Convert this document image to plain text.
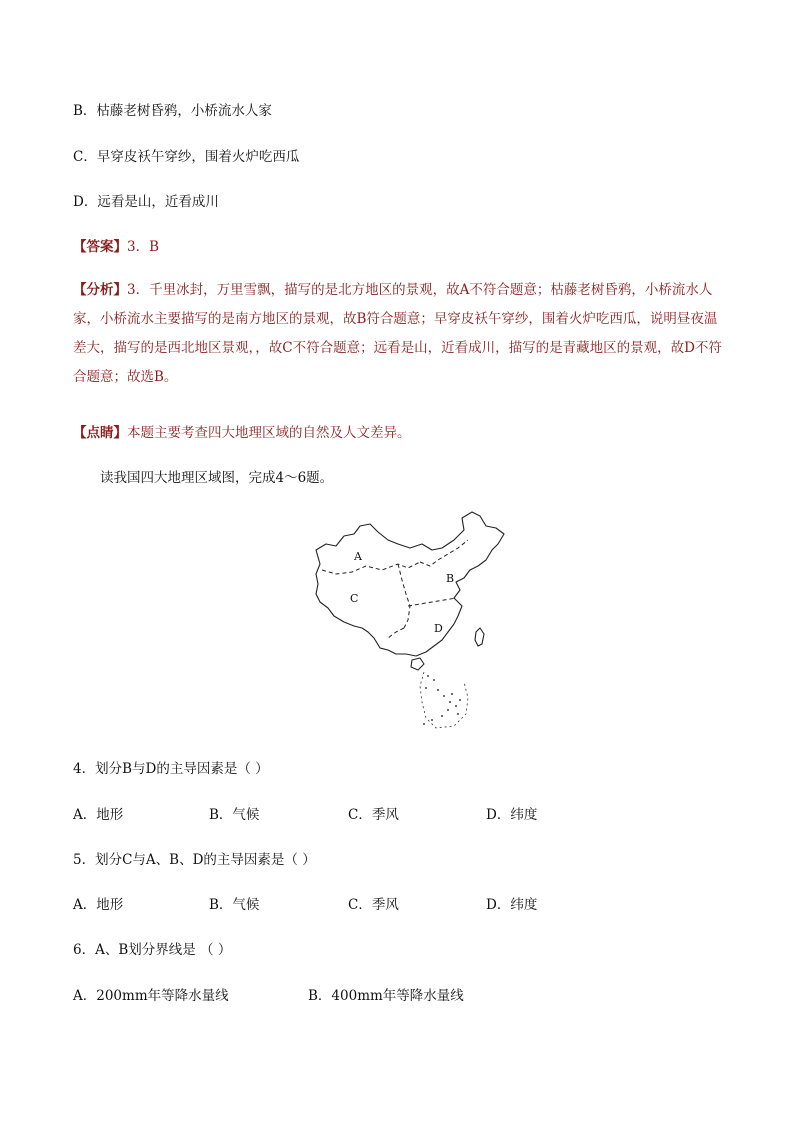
B．枯藤老树昏鸦，小桥流水人家
C．早穿皮袄午穿纱，围着火炉吃西瓜
D．远看是山，近看成川
【答案】3．B
【分析】3．千里冰封，万里雪飘，描写的是北方地区的景观，故A不符合题意；枯藤老树昏鸦，小桥流水人家，小桥流水主要描写的是南方地区的景观，故B符合题意；早穿皮袄午穿纱，围着火炉吃西瓜，说明昼夜温差大，描写的是西北地区景观，，故C不符合题意；远看是山，近看成川，描写的是青藏地区的景观，故D不符合题意；故选B。
【点睛】本题主要考查四大地理区域的自然及人文差异。
读我国四大地理区域图，完成4～6题。
A
B
C
D
4．划分B与D的主导因素是（ ）
A．地形	B．气候	C．季风	D．纬度
5．划分C与A、B、D的主导因素是（ ）
A．地形	B．气候	C．季风	D．纬度
6．A、B划分界线是 （ ）
A．200mm年等降水量线	B．400mm年等降水量线
